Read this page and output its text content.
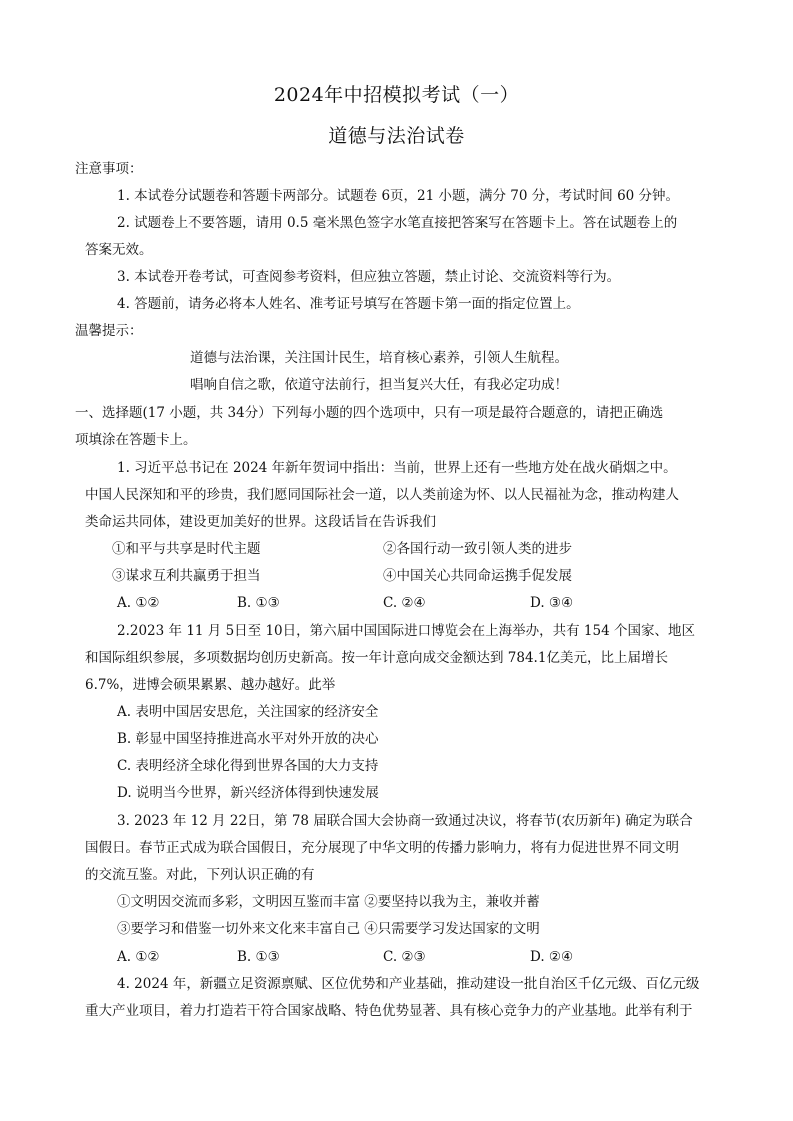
2024年中招模拟考试（一）
道德与法治试卷
注意事项：
1. 本试卷分试题卷和答题卡两部分。试题卷 6页，21 小题，满分 70 分，考试时间 60 分钟。
2. 试题卷上不要答题，请用 0.5 毫米黑色签字水笔直接把答案写在答题卡上。答在试题卷上的
答案无效。
3. 本试卷开卷考试，可查阅参考资料，但应独立答题，禁止讨论、交流资料等行为。
4. 答题前，请务必将本人姓名、准考证号填写在答题卡第一面的指定位置上。
温馨提示：
道德与法治课，关注国计民生，培育核心素养，引领人生航程。
唱响自信之歌，依道守法前行，担当复兴大任，有我必定功成！
一、选择题(17 小题，共 34分）下列每小题的四个选项中，只有一项是最符合题意的，请把正确选
项填涂在答题卡上。
1. 习近平总书记在 2024 年新年贺词中指出：当前，世界上还有一些地方处在战火硝烟之中。
中国人民深知和平的珍贵，我们愿同国际社会一道，以人类前途为怀、以人民福祉为念，推动构建人
类命运共同体，建设更加美好的世界。这段话旨在告诉我们
①和平与共享是时代主题	②各国行动一致引领人类的进步
③谋求互利共赢勇于担当	④中国关心共同命运携手促发展
A. ①②	B. ①③	C. ②④	D. ③④
2.2023 年 11 月 5日至 10日，第六届中国国际进口博览会在上海举办，共有 154 个国家、地区
和国际组织参展，多项数据均创历史新高。按一年计意向成交金额达到 784.1亿美元，比上届增长
6.7%，进博会硕果累累、越办越好。此举
A. 表明中国居安思危，关注国家的经济安全
B. 彰显中国坚持推进高水平对外开放的决心
C. 表明经济全球化得到世界各国的大力支持
D. 说明当今世界，新兴经济体得到快速发展
3. 2023 年 12 月 22日，第 78 届联合国大会协商一致通过决议，将春节(农历新年) 确定为联合
国假日。春节正式成为联合国假日，充分展现了中华文明的传播力影响力，将有力促进世界不同文明
的交流互鉴。对此，下列认识正确的有
①文明因交流而多彩，文明因互鉴而丰富 ②要坚持以我为主，兼收并蓄
③要学习和借鉴一切外来文化来丰富自己 ④只需要学习发达国家的文明
A. ①②	B. ①③	C. ②③	D. ②④
4. 2024 年，新疆立足资源禀赋、区位优势和产业基础，推动建设一批自治区千亿元级、百亿元级
重大产业项目，着力打造若干符合国家战略、特色优势显著、具有核心竞争力的产业基地。此举有利于
